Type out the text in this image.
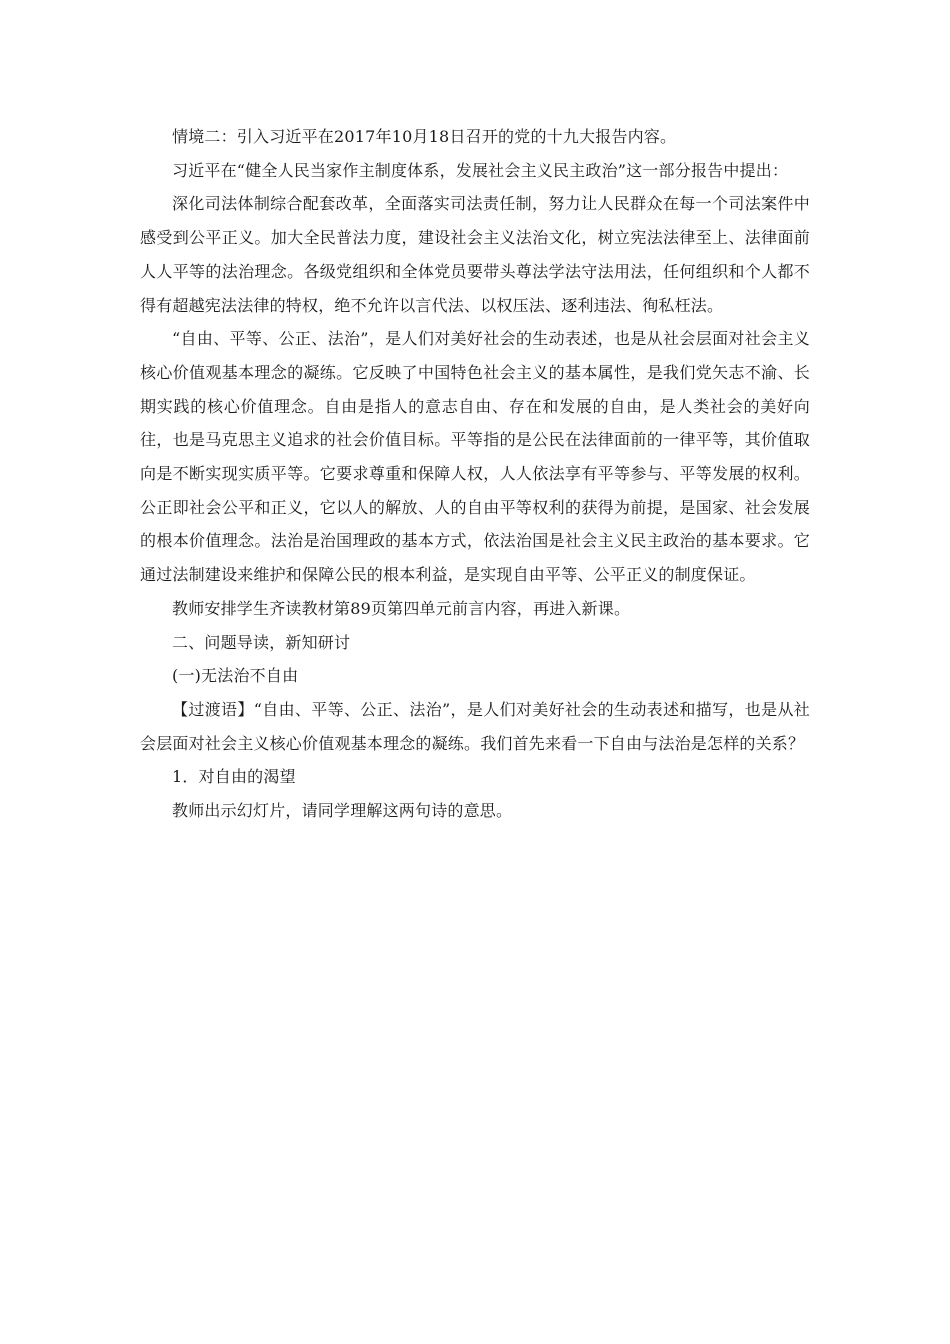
情境二：引入习近平在2017年10月18日召开的党的十九大报告内容。

习近平在“健全人民当家作主制度体系，发展社会主义民主政治”这一部分报告中提出：

深化司法体制综合配套改革，全面落实司法责任制，努力让人民群众在每一个司法案件中感受到公平正义。加大全民普法力度，建设社会主义法治文化，树立宪法法律至上、法律面前人人平等的法治理念。各级党组织和全体党员要带头尊法学法守法用法，任何组织和个人都不得有超越宪法法律的特权，绝不允许以言代法、以权压法、逐利违法、徇私枉法。

“自由、平等、公正、法治”，是人们对美好社会的生动表述，也是从社会层面对社会主义核心价值观基本理念的凝练。它反映了中国特色社会主义的基本属性，是我们党矢志不渝、长期实践的核心价值理念。自由是指人的意志自由、存在和发展的自由，是人类社会的美好向往，也是马克思主义追求的社会价值目标。平等指的是公民在法律面前的一律平等，其价值取向是不断实现实质平等。它要求尊重和保障人权，人人依法享有平等参与、平等发展的权利。公正即社会公平和正义，它以人的解放、人的自由平等权利的获得为前提，是国家、社会发展的根本价值理念。法治是治国理政的基本方式，依法治国是社会主义民主政治的基本要求。它通过法制建设来维护和保障公民的根本利益，是实现自由平等、公平正义的制度保证。

教师安排学生齐读教材第89页第四单元前言内容，再进入新课。

二、问题导读，新知研讨

(一)无法治不自由

【过渡语】“自由、平等、公正、法治”，是人们对美好社会的生动表述和描写，也是从社会层面对社会主义核心价值观基本理念的凝练。我们首先来看一下自由与法治是怎样的关系？

1．对自由的渴望

教师出示幻灯片，请同学理解这两句诗的意思。
